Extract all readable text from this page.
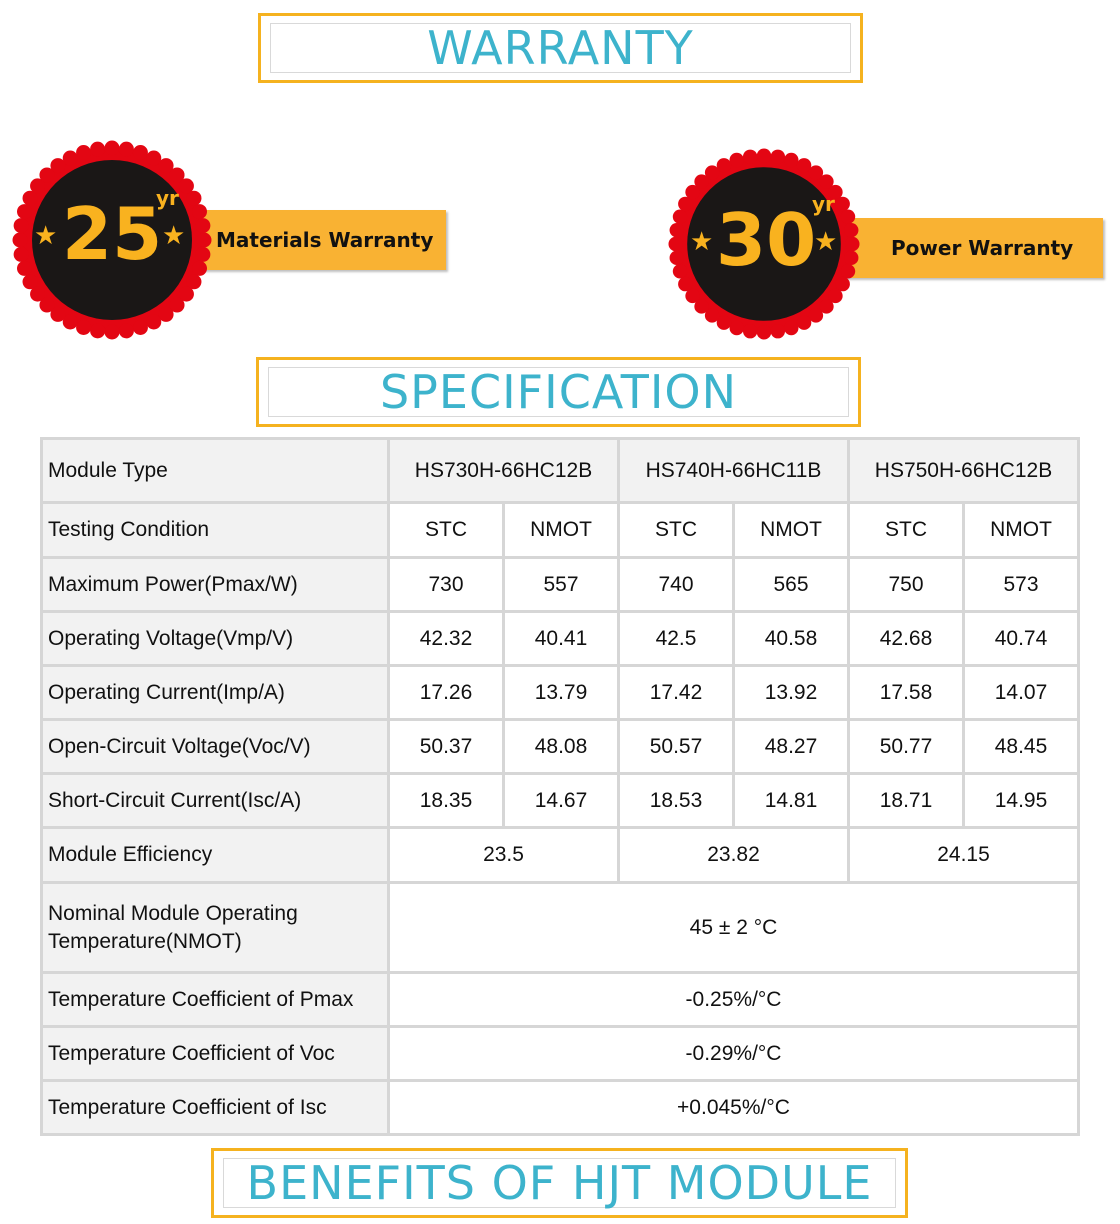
WARRANTY
Materials Warranty
★	★
25
yr
Power Warranty
★	★
30
yr
SPECIFICATION
Module Type	HS730H-66HC12B		HS740H-66HC11B		HS750H-66HC12B	
Testing Condition	STC	NMOT	STC	NMOT	STC	NMOT
Maximum Power(Pmax/W)	730	557	740	565	750	573
Operating Voltage(Vmp/V)	42.32	40.41	42.5	40.58	42.68	40.74
Operating Current(Imp/A)	17.26	13.79	17.42	13.92	17.58	14.07
Open-Circuit Voltage(Voc/V)	50.37	48.08	50.57	48.27	50.77	48.45
Short-Circuit Current(Isc/A)	18.35	14.67	18.53	14.81	18.71	14.95
Module Efficiency	23.5		23.82		24.15	
Nominal Module Operating Temperature(NMOT)	45 ± 2 °C					
Temperature Coefficient of Pmax	-0.25%/°C					
Temperature Coefficient of Voc	-0.29%/°C					
Temperature Coefficient of Isc	+0.045%/°C					
BENEFITS OF HJT MODULE
